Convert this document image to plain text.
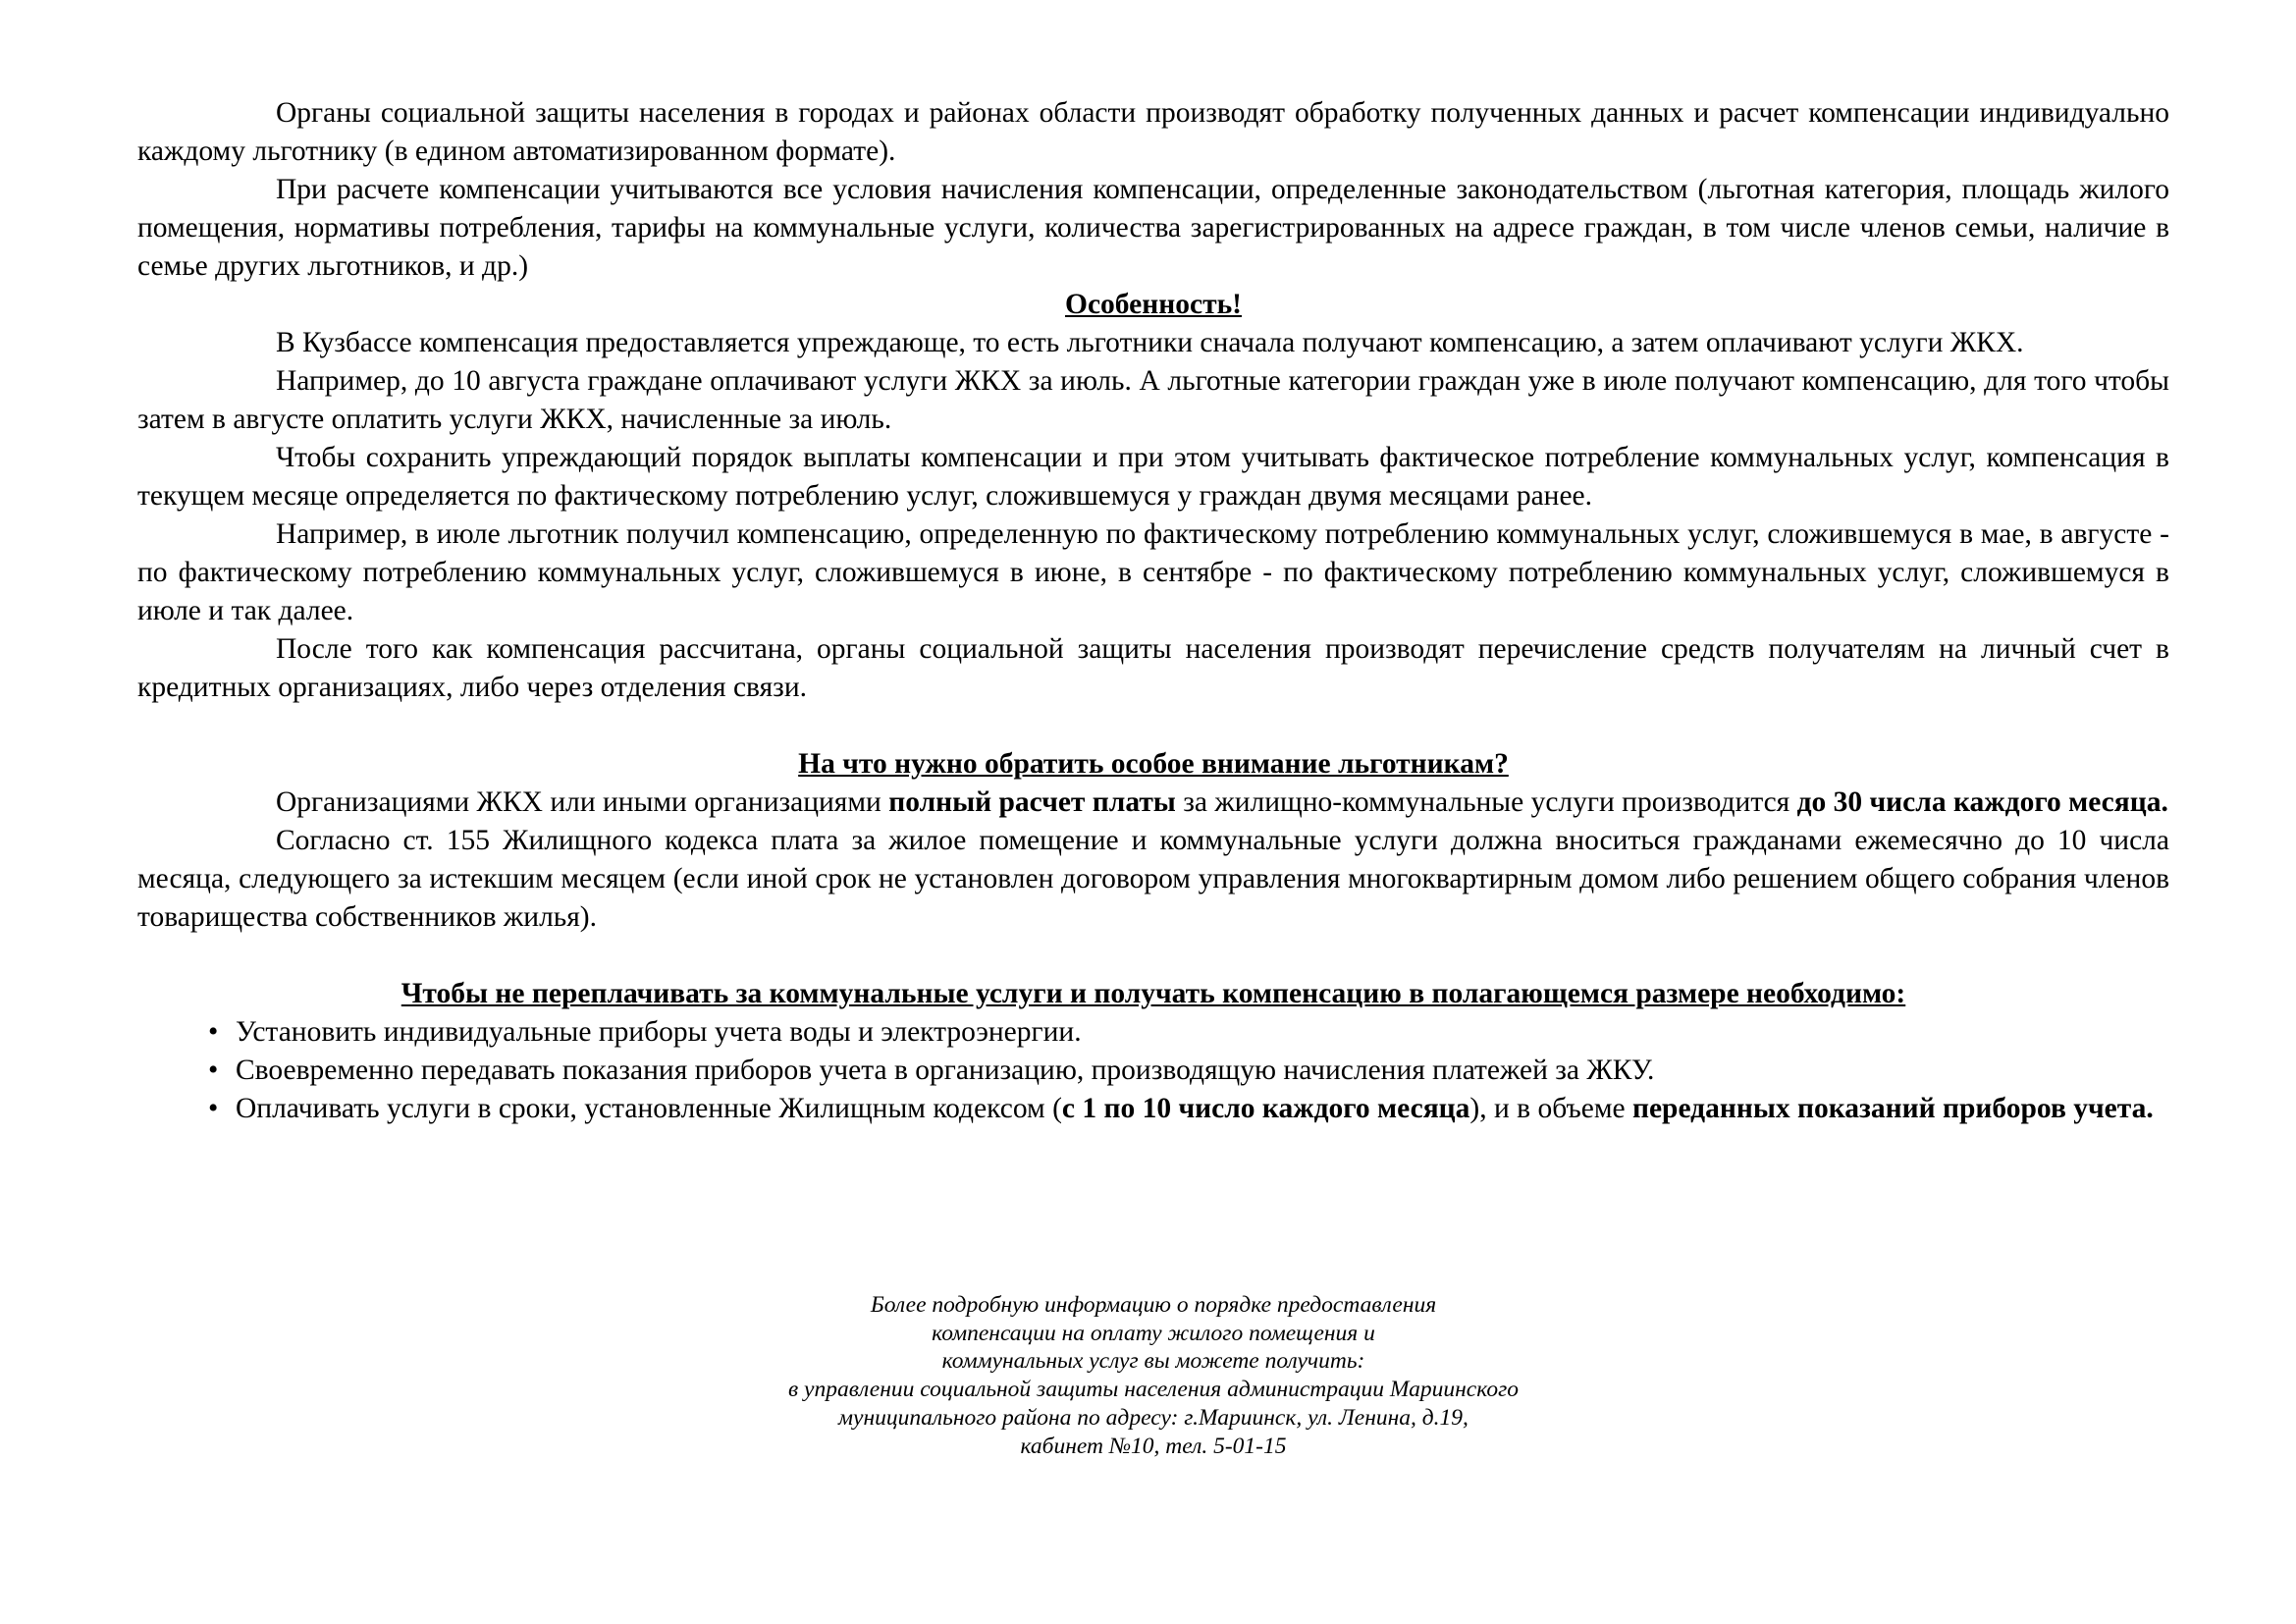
Органы социальной защиты населения в городах и районах области производят обработку полученных данных и расчет компенсации индивидуально каждому льготнику (в едином автоматизированном формате).

При расчете компенсации учитываются все условия начисления компенсации, определенные законодательством (льготная категория, площадь жилого помещения, нормативы потребления, тарифы на коммунальные услуги, количества зарегистрированных на адресе граждан, в том числе членов семьи, наличие в семье других льготников, и др.)

Особенность!

В Кузбассе компенсация предоставляется упреждающе, то есть льготники сначала получают компенсацию, а затем оплачивают услуги ЖКХ.

Например, до 10 августа граждане оплачивают услуги ЖКХ за июль. А льготные категории граждан уже в июле получают компенсацию, для того чтобы затем в августе оплатить услуги ЖКХ, начисленные за июль.

Чтобы сохранить упреждающий порядок выплаты компенсации и при этом учитывать фактическое потребление коммунальных услуг, компенсация в текущем месяце определяется по фактическому потреблению услуг, сложившемуся у граждан двумя месяцами ранее.

Например, в июле льготник получил компенсацию, определенную по фактическому потреблению коммунальных услуг, сложившемуся в мае, в августе - по фактическому потреблению коммунальных услуг, сложившемуся в июне, в сентябре - по фактическому потреблению коммунальных услуг, сложившемуся в июле и так далее.

После того как компенсация рассчитана, органы социальной защиты населения производят перечисление средств получателям на личный счет в кредитных организациях, либо через отделения связи.

На что нужно обратить особое внимание льготникам?

Организациями ЖКХ или иными организациями полный расчет платы за жилищно-коммунальные услуги производится до 30 числа каждого месяца.

Согласно ст. 155 Жилищного кодекса плата за жилое помещение и коммунальные услуги должна вноситься гражданами ежемесячно до 10 числа месяца, следующего за истекшим месяцем (если иной срок не установлен договором управления многоквартирным домом либо решением общего собрания членов товарищества собственников жилья).

Чтобы не переплачивать за коммунальные услуги и получать компенсацию в полагающемся размере необходимо:

• Установить индивидуальные приборы учета воды и электроэнергии.

• Своевременно передавать показания приборов учета в организацию, производящую начисления платежей за ЖКУ.

• Оплачивать услуги в сроки, установленные Жилищным кодексом (с 1 по 10 число каждого месяца), и в объеме переданных показаний приборов учета.

Более подробную информацию о порядке предоставления
компенсации на оплату жилого помещения и
коммунальных услуг вы можете получить:
в управлении социальной защиты населения администрации Мариинского
муниципального района по адресу: г.Мариинск, ул. Ленина, д.19,
кабинет №10, тел. 5-01-15
